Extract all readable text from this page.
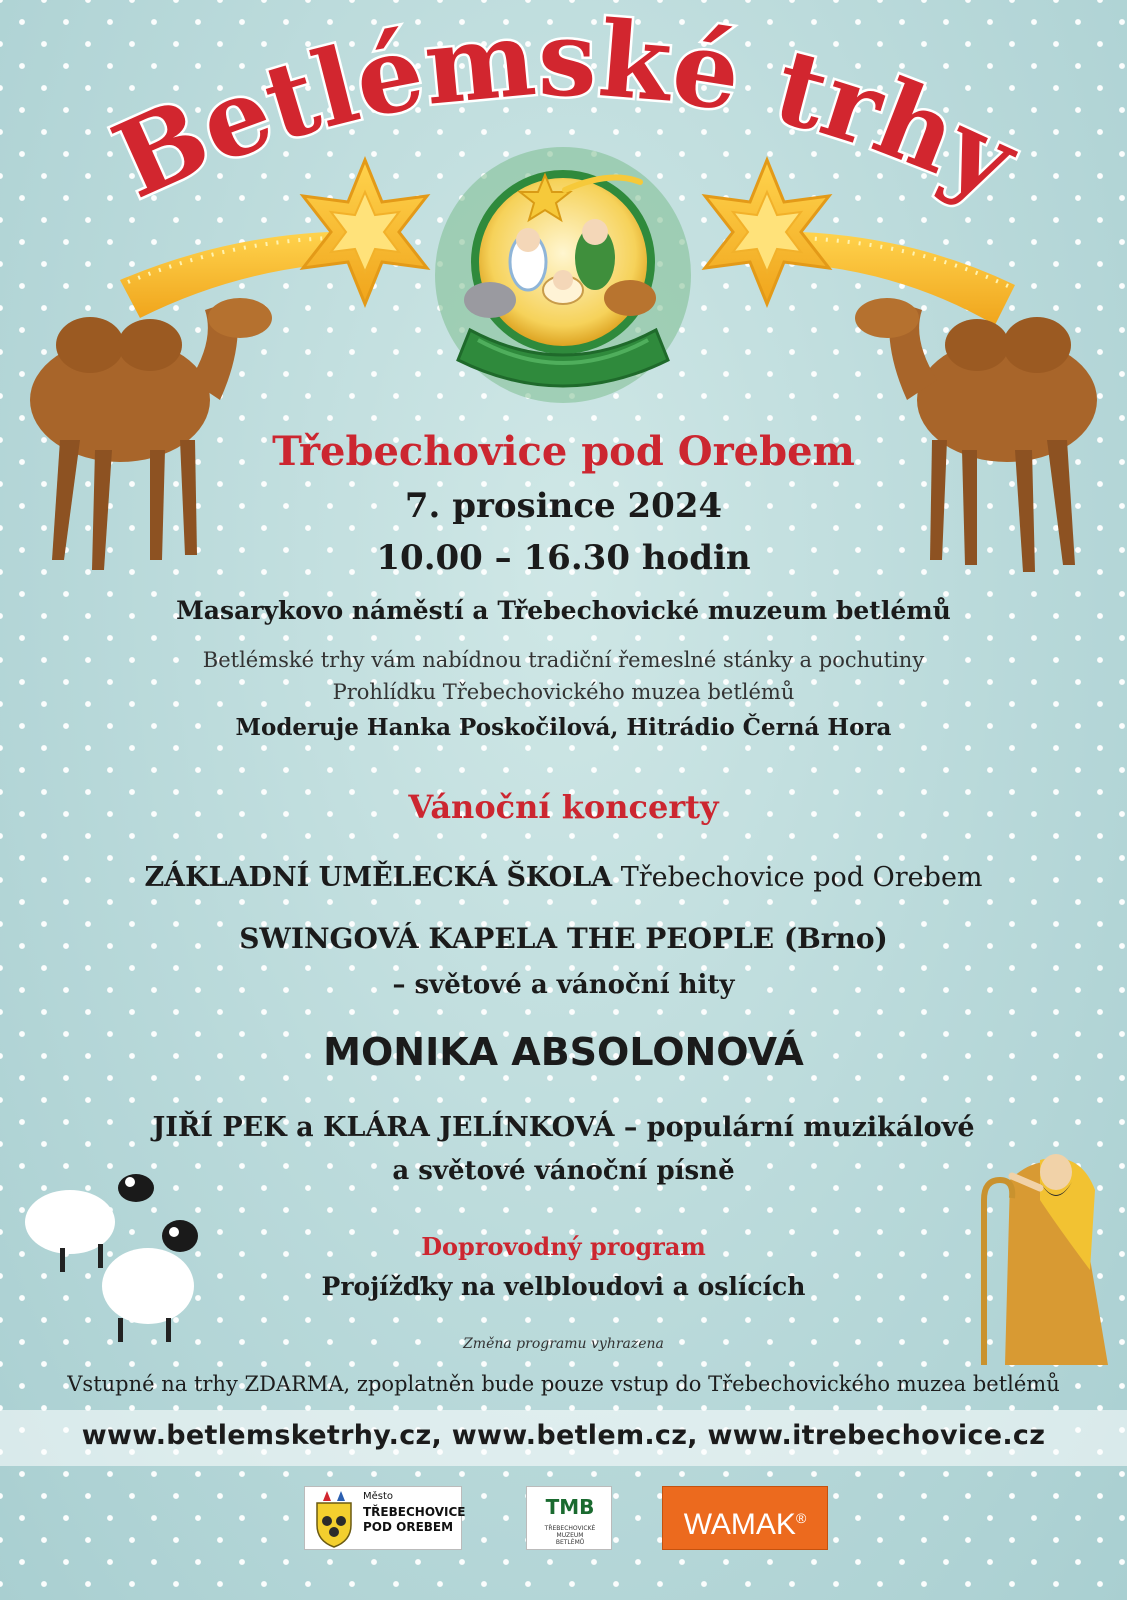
Betlémské trhy
Třebechovice pod Orebem
7. prosince 2024
10.00 – 16.30 hodin
Masarykovo náměstí a Třebechovické muzeum betlémů
Betlémské trhy vám nabídnou tradiční řemeslné stánky a pochutiny
Prohlídku Třebechovického muzea betlémů
Moderuje Hanka Poskočilová, Hitrádio Černá Hora
Vánoční koncerty
ZÁKLADNÍ UMĚLECKÁ ŠKOLA Třebechovice pod Orebem
SWINGOVÁ KAPELA THE PEOPLE (Brno)
– světové a vánoční hity
MONIKA ABSOLONOVÁ
JIŘÍ PEK a KLÁRA JELÍNKOVÁ – populární muzikálové
a světové vánoční písně
Doprovodný program
Projížďky na velbloudovi a oslících
Změna programu vyhrazena
Vstupné na trhy ZDARMA, zpoplatněn bude pouze vstup do Třebechovického muzea betlémů
www.betlemsketrhy.cz, www.betlem.cz, www.itrebechovice.cz
Město
TŘEBECHOVICE
POD OREBEM
TMB
TŘEBECHOVICKÉ
MUZEUM
BETLÉMŮ
WAMAK®
